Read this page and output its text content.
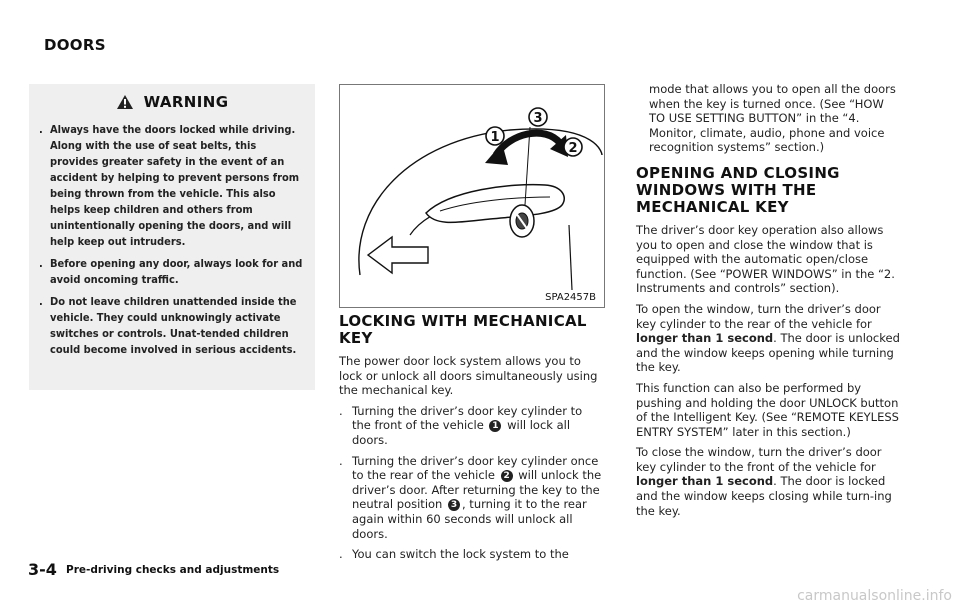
DOORS
WARNING
. Always have the doors locked while driving. Along with the use of seat belts, this provides greater safety in the event of an accident by helping to prevent persons from being thrown from the vehicle. This also helps keep children and others from unintentionally opening the doors, and will help keep out intruders.
. Before opening any door, always look for and avoid oncoming traffic.
. Do not leave children unattended inside the vehicle. They could unknowingly activate switches or controls. Unat-tended children could become involved in serious accidents.
1
3
2
SPA2457B
LOCKING WITH MECHANICAL KEY

The power door lock system allows you to lock or unlock all doors simultaneously using the mechanical key.

. Turning the driver’s door key cylinder to the front of the vehicle 1 will lock all doors.

. Turning the driver’s door key cylinder once to the rear of the vehicle 2 will unlock the driver’s door. After returning the key to the neutral position 3 , turning it to the rear again within 60 seconds will unlock all doors.

. You can switch the lock system to the

mode that allows you to open all the doors when the key is turned once. (See “HOW TO USE SETTING BUTTON” in the “4. Monitor, climate, audio, phone and voice recognition systems” section.)

OPENING AND CLOSING WINDOWS WITH THE MECHANICAL KEY

The driver’s door key operation also allows you to open and close the window that is equipped with the automatic open/close function. (See “POWER WINDOWS” in the “2. Instruments and controls” section).

To open the window, turn the driver’s door key cylinder to the rear of the vehicle for longer than 1 second. The door is unlocked and the window keeps opening while turning the key.

This function can also be performed by pushing and holding the door UNLOCK button of the Intelligent Key. (See “REMOTE KEYLESS ENTRY SYSTEM” later in this section.)

To close the window, turn the driver’s door key cylinder to the front of the vehicle for longer than 1 second. The door is locked and the window keeps closing while turn-ing the key.

3-4 Pre-driving checks and adjustments
carmanualsonline.info
